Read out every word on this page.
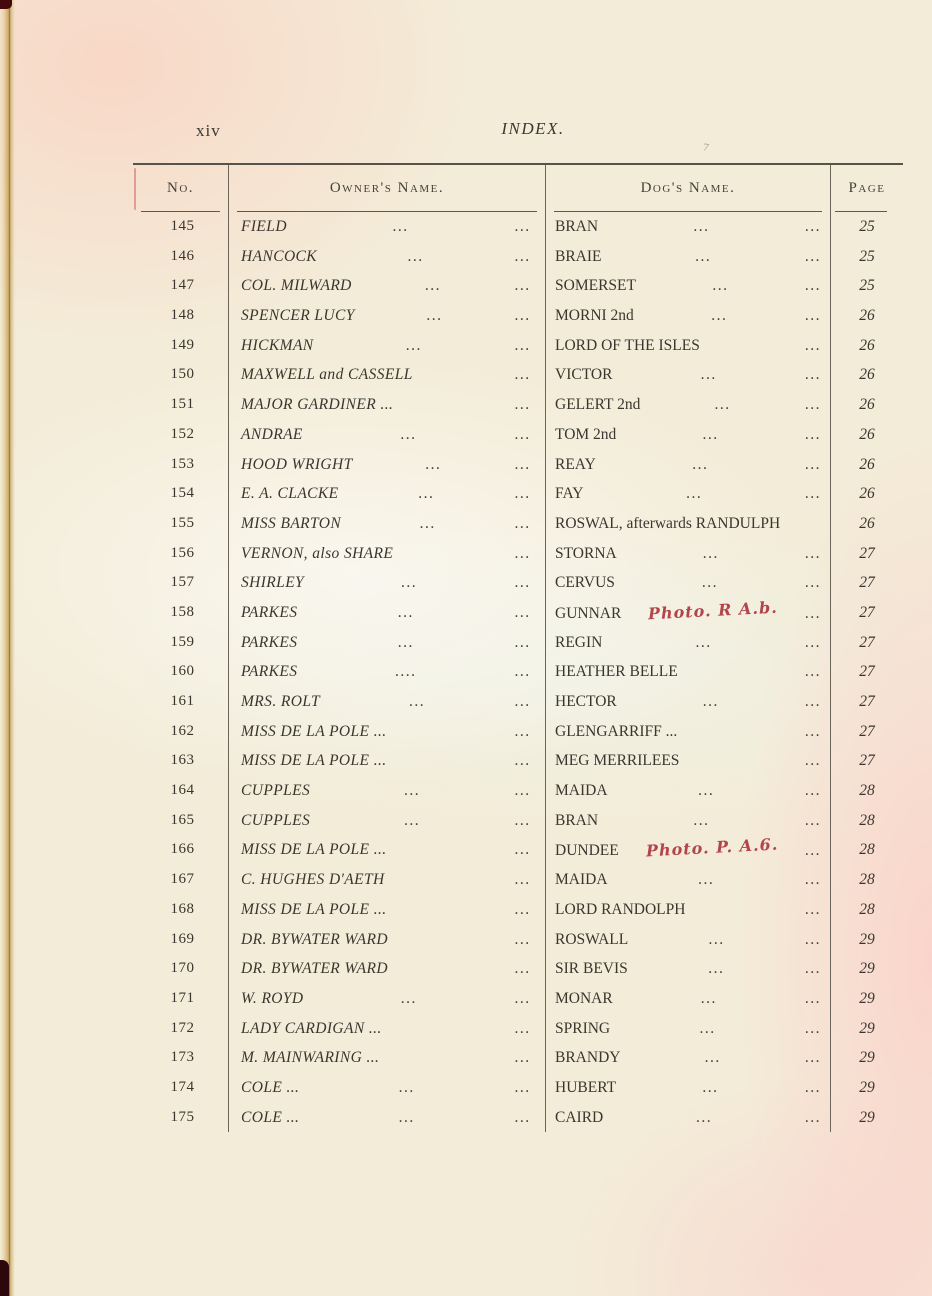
7
xiv	INDEX.
No.	Owner's Name.	Dog's Name.	Page
145	FIELD	...	... BRAN	...	...	25
146	HANCOCK	...	... BRAIE	...	...	25
147	COL. MILWARD	...	... SOMERSET	...	...	25
148	SPENCER LUCY	...	... MORNI 2nd	...	...	26
149	HICKMAN	...	... LORD OF THE ISLES	...	26
150	MAXWELL and CASSELL	... VICTOR	...	...	26
151	MAJOR GARDINER ...	... GELERT 2nd	...	...	26
152	ANDRAE	...	... TOM 2nd	...	...	26
153	HOOD WRIGHT	...	... REAY	...	...	26
154	E. A. CLACKE	...	... FAY	...	...	26
155	MISS BARTON	...	... ROSWAL, afterwards RANDULPH	26
156	VERNON, also SHARE	... STORNA	...	...	27
157	SHIRLEY	...	... CERVUS	...	...	27
158	PARKES	...	... GUNNAR Photo. R A.b. ...	27
159	PARKES	...	... REGIN	...	...	27
160	PARKES	....	... HEATHER BELLE	...	27
161	MRS. ROLT	...	... HECTOR	...	...	27
162	MISS DE LA POLE ...	... GLENGARRIFF ...	...	27
163	MISS DE LA POLE ...	... MEG MERRILEES	...	27
164	CUPPLES	...	... MAIDA	...	...	28
165	CUPPLES	...	... BRAN	...	...	28
166	MISS DE LA POLE ...	... DUNDEE Photo. P. A.6. ...	28
167	C. HUGHES D'AETH	... MAIDA	...	...	28
168	MISS DE LA POLE ...	... LORD RANDOLPH	...	28
169	DR. BYWATER WARD	... ROSWALL	...	...	29
170	DR. BYWATER WARD	... SIR BEVIS	...	...	29
171	W. ROYD	...	... MONAR	...	...	29
172	LADY CARDIGAN ...	... SPRING	...	...	29
173	M. MAINWARING ...	... BRANDY	...	...	29
174	COLE ...	...	... HUBERT	...	...	29
175	COLE ...	...	... CAIRD	...	...	29
